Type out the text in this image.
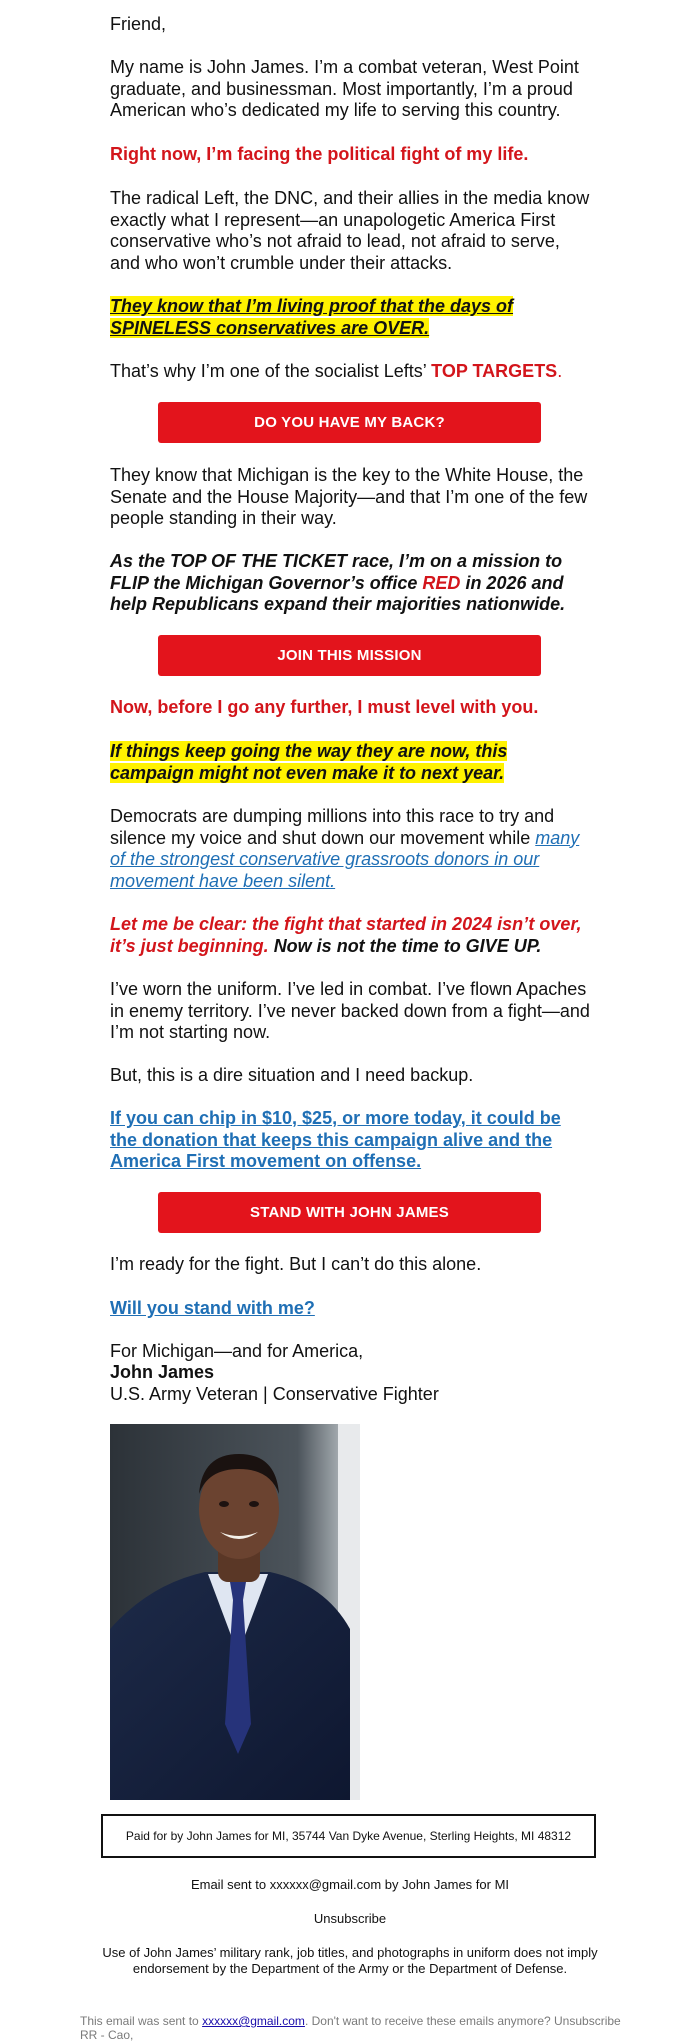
Friend,

My name is John James. I’m a combat veteran, West Point graduate, and businessman. Most importantly, I’m a proud American who’s dedicated my life to serving this country.

Right now, I’m facing the political fight of my life.

The radical Left, the DNC, and their allies in the media know exactly what I represent—an unapologetic America First conservative who’s not afraid to lead, not afraid to serve, and who won’t crumble under their attacks.

They know that I’m living proof that the days of SPINELESS conservatives are OVER.

That’s why I’m one of the socialist Lefts’ TOP TARGETS.

DO YOU HAVE MY BACK?

They know that Michigan is the key to the White House, the Senate and the House Majority—and that I’m one of the few people standing in their way.

As the TOP OF THE TICKET race, I’m on a mission to FLIP the Michigan Governor’s office RED in 2026 and help Republicans expand their majorities nationwide.

JOIN THIS MISSION

Now, before I go any further, I must level with you.

If things keep going the way they are now, this campaign might not even make it to next year.

Democrats are dumping millions into this race to try and silence my voice and shut down our movement while many of the strongest conservative grassroots donors in our movement have been silent.

Let me be clear: the fight that started in 2024 isn’t over, it’s just beginning. Now is not the time to GIVE UP.

I’ve worn the uniform. I’ve led in combat. I’ve flown Apaches in enemy territory. I’ve never backed down from a fight—and I’m not starting now.

But, this is a dire situation and I need backup.

If you can chip in $10, $25, or more today, it could be the donation that keeps this campaign alive and the America First movement on offense.

STAND WITH JOHN JAMES

I’m ready for the fight. But I can’t do this alone.

Will you stand with me?

For Michigan—and for America,

John James

U.S. Army Veteran | Conservative Fighter

Paid for by John James for MI, 35744 Van Dyke Avenue, Sterling Heights, MI 48312
Email sent to xxxxxx@gmail.com by John James for MI
Unsubscribe
Use of John James’ military rank, job titles, and photographs in uniform does not imply endorsement by the Department of the Army or the Department of Defense.
This email was sent to xxxxxx@gmail.com. Don't want to receive these emails anymore? Unsubscribe
RR - Cao,
